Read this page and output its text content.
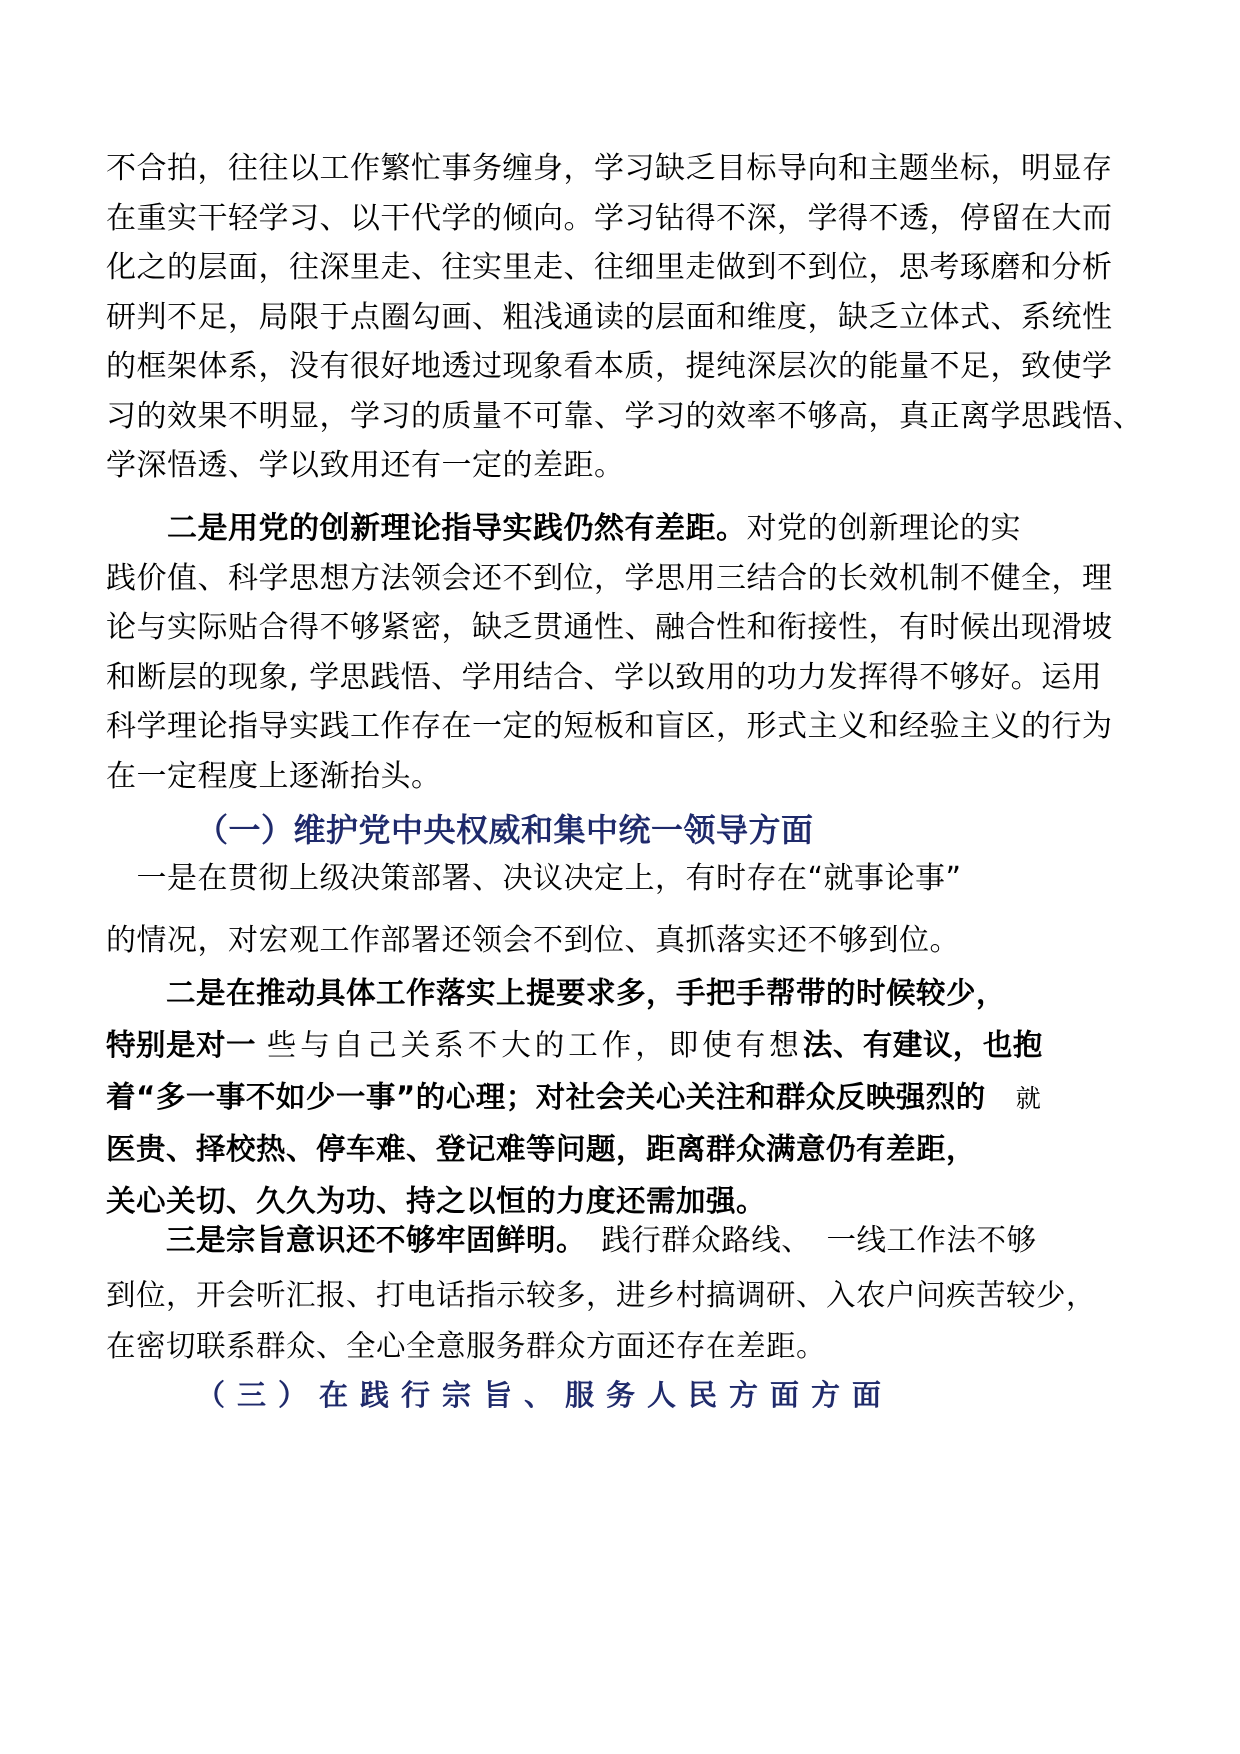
不合拍，往往以工作繁忙事务缠身，学习缺乏目标导向和主题坐标，明显存
在重实干轻学习、以干代学的倾向。学习钻得不深，学得不透，停留在大而
化之的层面，往深里走、往实里走、往细里走做到不到位，思考琢磨和分析
研判不足，局限于点圈勾画、粗浅通读的层面和维度，缺乏立体式、系统性
的框架体系，没有很好地透过现象看本质，提纯深层次的能量不足，致使学
习的效果不明显，学习的质量不可靠、学习的效率不够高，真正离学思践悟、
学深悟透、学以致用还有一定的差距。
　　二是用党的创新理论指导实践仍然有差距。对党的创新理论的实
践价值、科学思想方法领会还不到位，学思用三结合的长效机制不健全，理
论与实际贴合得不够紧密，缺乏贯通性、融合性和衔接性，有时候出现滑坡
和断层的现象, 学思践悟、学用结合、学以致用的功力发挥得不够好。运用
科学理论指导实践工作存在一定的短板和盲区，形式主义和经验主义的行为
在一定程度上逐渐抬头。
（一）维护党中央权威和集中统一领导方面
　一是在贯彻上级决策部署、决议决定上，有时存在“就事论事”
的情况，对宏观工作部署还领会不到位、真抓落实还不够到位。
　　二是在推动具体工作落实上提要求多，手把手帮带的时候较少，
特别是对一 些与自己关系不大的工作，即使有想法、有建议，也抱
着“多一事不如少一事”的心理；对社会关心关注和群众反映强烈的 就
医贵、择校热、停车难、登记难等问题，距离群众满意仍有差距，
关心关切、久久为功、持之以恒的力度还需加强。
　　三是宗旨意识还不够牢固鲜明。　践行群众路线、　一线工作法不够
到位，开会听汇报、打电话指示较多，进乡村搞调研、入农户问疾苦较少，
在密切联系群众、全心全意服务群众方面还存在差距。
（三）在践行宗旨、服务人民方面方面
